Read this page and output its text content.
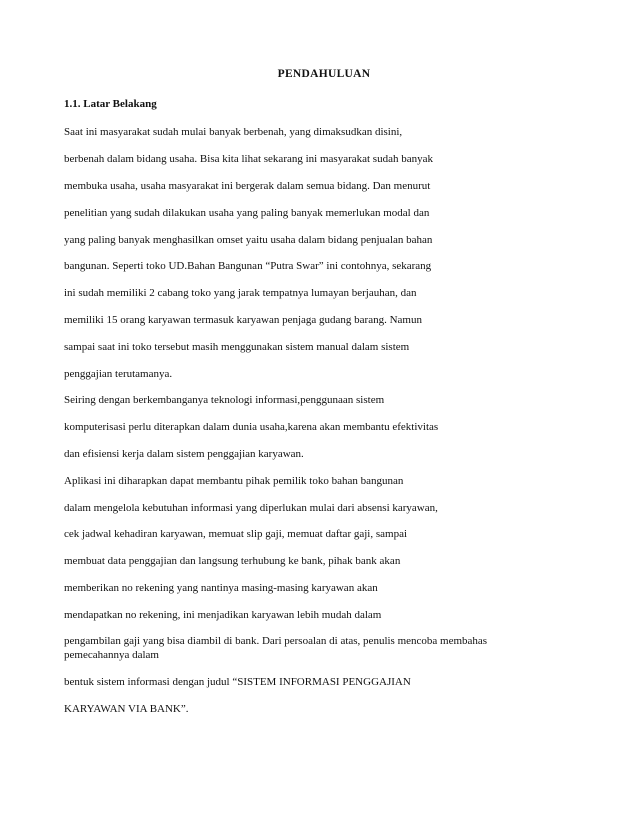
PENDAHULUAN
1.1. Latar Belakang
Saat ini masyarakat sudah mulai banyak berbenah, yang dimaksudkan disini,
berbenah dalam bidang usaha. Bisa kita lihat sekarang ini masyarakat sudah banyak
membuka usaha, usaha masyarakat ini bergerak dalam semua bidang. Dan menurut
penelitian yang sudah dilakukan usaha yang paling banyak memerlukan modal dan
yang paling banyak menghasilkan omset yaitu usaha dalam bidang penjualan bahan
bangunan. Seperti toko UD.Bahan Bangunan “Putra Swar” ini contohnya, sekarang
ini sudah memiliki 2 cabang toko yang jarak tempatnya lumayan berjauhan, dan
memiliki 15 orang karyawan termasuk karyawan penjaga gudang barang. Namun
sampai saat ini toko tersebut masih menggunakan sistem manual dalam sistem
penggajian terutamanya.
Seiring dengan berkembanganya teknologi informasi,penggunaan sistem
komputerisasi perlu diterapkan dalam dunia usaha,karena akan membantu efektivitas
dan efisiensi kerja dalam sistem penggajian karyawan.
Aplikasi ini diharapkan dapat membantu pihak pemilik toko bahan bangunan
dalam mengelola kebutuhan informasi yang diperlukan mulai dari absensi karyawan,
cek jadwal kehadiran karyawan, memuat slip gaji, memuat daftar gaji, sampai
membuat data penggajian dan langsung terhubung ke bank, pihak bank akan
memberikan no rekening yang nantinya masing-masing karyawan akan
mendapatkan no rekening, ini menjadikan karyawan lebih mudah dalam
pengambilan gaji yang bisa diambil di bank. Dari persoalan di atas, penulis mencoba membahas pemecahannya dalam
bentuk sistem informasi dengan judul “SISTEM INFORMASI PENGGAJIAN
KARYAWAN VIA BANK”.
